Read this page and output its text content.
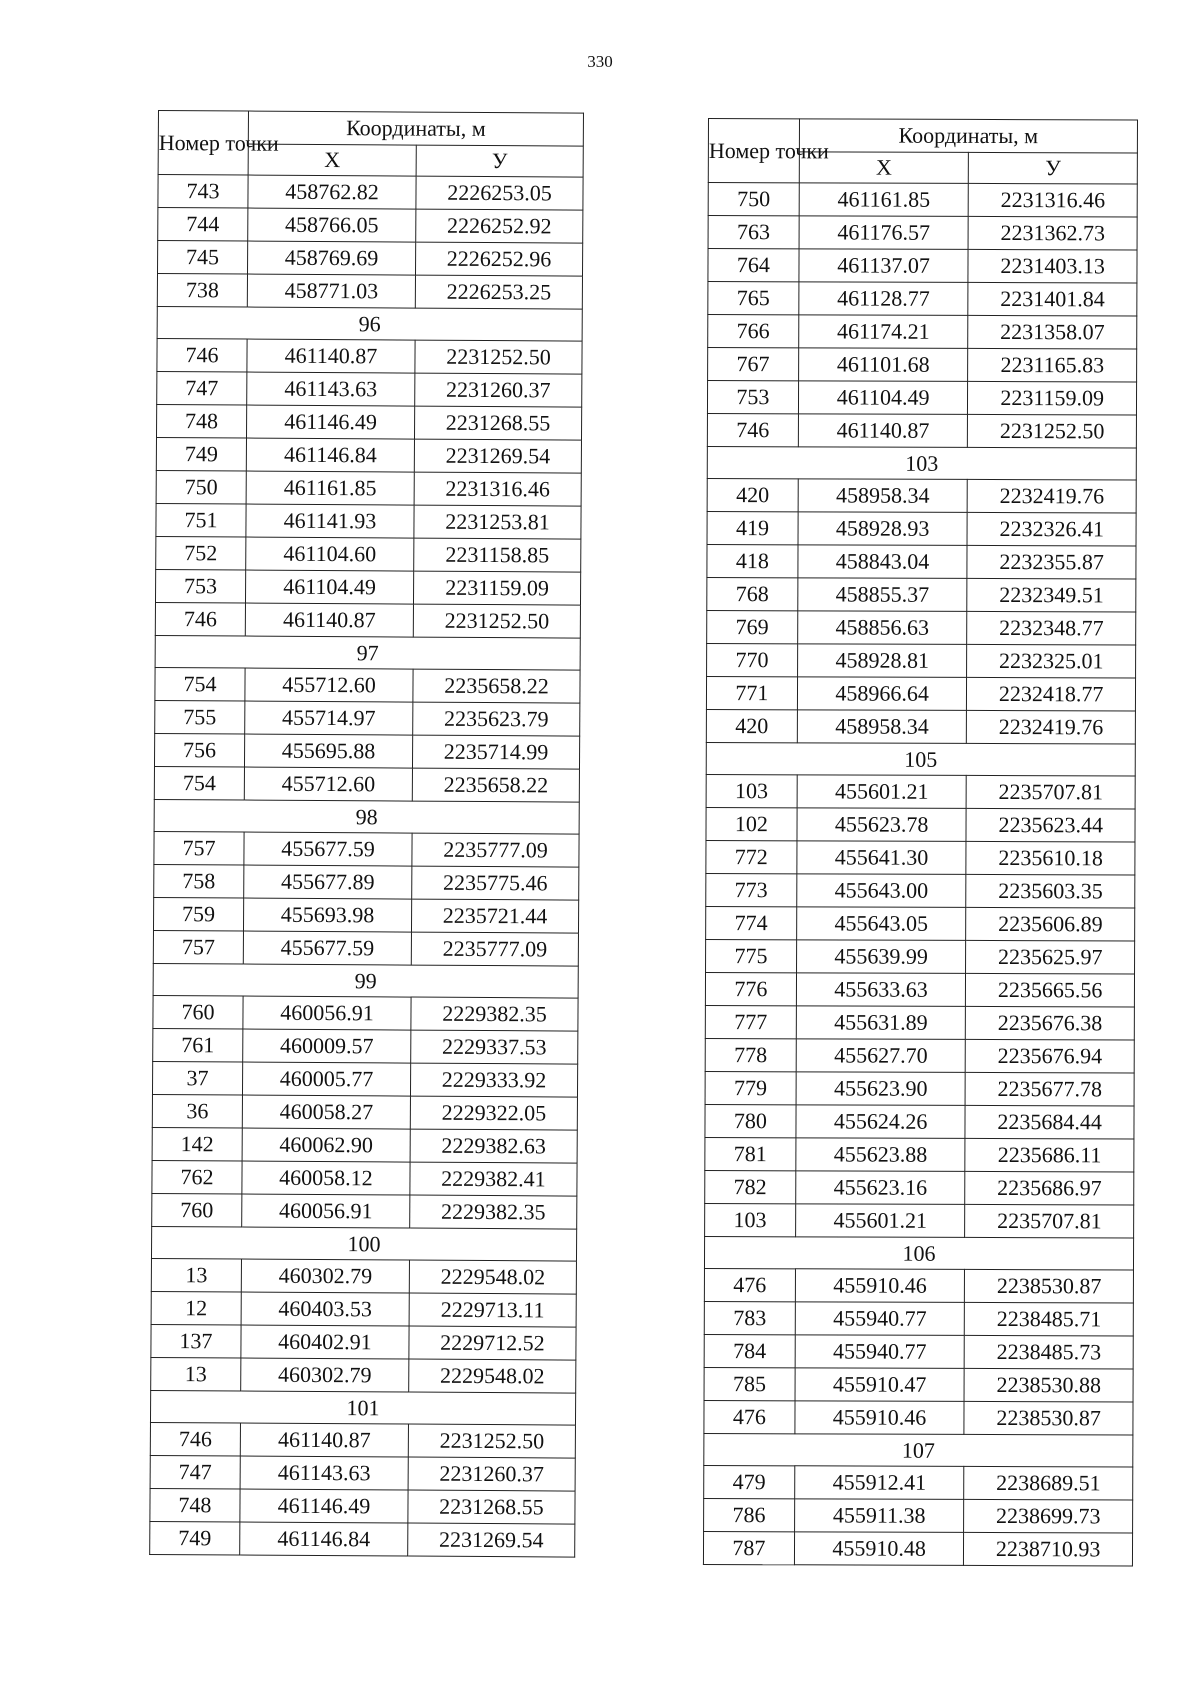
330
Номер точки	Координаты, м	
	X	У
743	458762.82	2226253.05
744	458766.05	2226252.92
745	458769.69	2226252.96
738	458771.03	2226253.25
96		
746	461140.87	2231252.50
747	461143.63	2231260.37
748	461146.49	2231268.55
749	461146.84	2231269.54
750	461161.85	2231316.46
751	461141.93	2231253.81
752	461104.60	2231158.85
753	461104.49	2231159.09
746	461140.87	2231252.50
97		
754	455712.60	2235658.22
755	455714.97	2235623.79
756	455695.88	2235714.99
754	455712.60	2235658.22
98		
757	455677.59	2235777.09
758	455677.89	2235775.46
759	455693.98	2235721.44
757	455677.59	2235777.09
99		
760	460056.91	2229382.35
761	460009.57	2229337.53
37	460005.77	2229333.92
36	460058.27	2229322.05
142	460062.90	2229382.63
762	460058.12	2229382.41
760	460056.91	2229382.35
100		
13	460302.79	2229548.02
12	460403.53	2229713.11
137	460402.91	2229712.52
13	460302.79	2229548.02
101		
746	461140.87	2231252.50
747	461143.63	2231260.37
748	461146.49	2231268.55
749	461146.84	2231269.54
Номер точки	Координаты, м	
	X	У
750	461161.85	2231316.46
763	461176.57	2231362.73
764	461137.07	2231403.13
765	461128.77	2231401.84
766	461174.21	2231358.07
767	461101.68	2231165.83
753	461104.49	2231159.09
746	461140.87	2231252.50
103		
420	458958.34	2232419.76
419	458928.93	2232326.41
418	458843.04	2232355.87
768	458855.37	2232349.51
769	458856.63	2232348.77
770	458928.81	2232325.01
771	458966.64	2232418.77
420	458958.34	2232419.76
105		
103	455601.21	2235707.81
102	455623.78	2235623.44
772	455641.30	2235610.18
773	455643.00	2235603.35
774	455643.05	2235606.89
775	455639.99	2235625.97
776	455633.63	2235665.56
777	455631.89	2235676.38
778	455627.70	2235676.94
779	455623.90	2235677.78
780	455624.26	2235684.44
781	455623.88	2235686.11
782	455623.16	2235686.97
103	455601.21	2235707.81
106		
476	455910.46	2238530.87
783	455940.77	2238485.71
784	455940.77	2238485.73
785	455910.47	2238530.88
476	455910.46	2238530.87
107		
479	455912.41	2238689.51
786	455911.38	2238699.73
787	455910.48	2238710.93
